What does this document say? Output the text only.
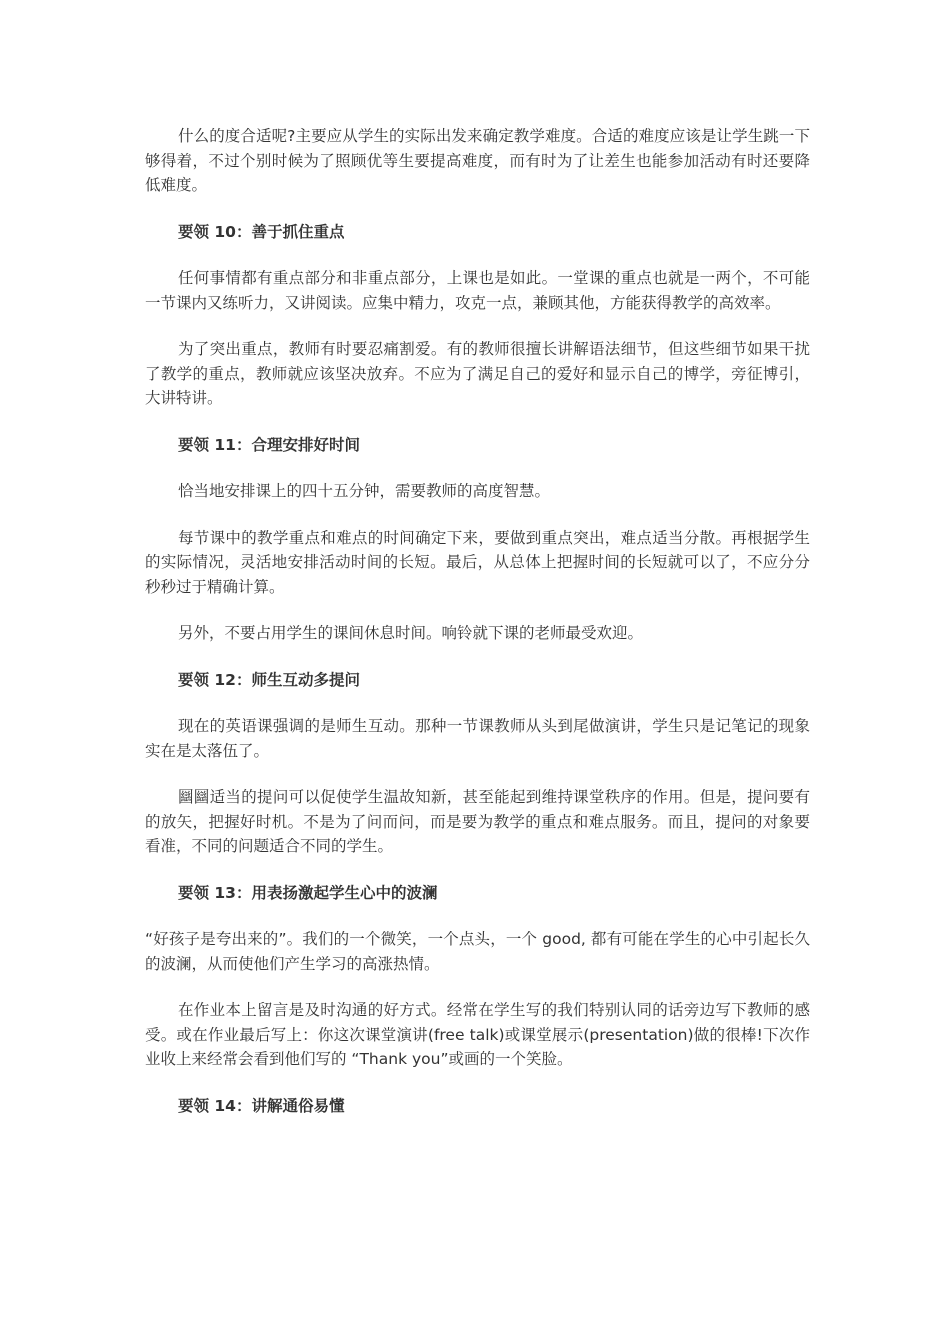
什么的度合适呢?主要应从学生的实际出发来确定教学难度。合适的难度应该是让学生跳一下够得着，不过个别时候为了照顾优等生要提高难度，而有时为了让差生也能参加活动有时还要降低难度。

要领 10：善于抓住重点

任何事情都有重点部分和非重点部分，上课也是如此。一堂课的重点也就是一两个，不可能一节课内又练听力，又讲阅读。应集中精力，攻克一点，兼顾其他，方能获得教学的高效率。

为了突出重点，教师有时要忍痛割爱。有的教师很擅长讲解语法细节，但这些细节如果干扰了教学的重点，教师就应该坚决放弃。不应为了满足自己的爱好和显示自己的博学，旁征博引，大讲特讲。

要领 11：合理安排好时间

恰当地安排课上的四十五分钟，需要教师的高度智慧。

每节课中的教学重点和难点的时间确定下来，要做到重点突出，难点适当分散。再根据学生的实际情况，灵活地安排活动时间的长短。最后，从总体上把握时间的长短就可以了，不应分分秒秒过于精确计算。

另外，不要占用学生的课间休息时间。响铃就下课的老师最受欢迎。

要领 12：师生互动多提问

现在的英语课强调的是师生互动。那种一节课教师从头到尾做演讲，学生只是记笔记的现象实在是太落伍了。

圝圝适当的提问可以促使学生温故知新，甚至能起到维持课堂秩序的作用。但是，提问要有的放矢，把握好时机。不是为了问而问，而是要为教学的重点和难点服务。而且，提问的对象要看准，不同的问题适合不同的学生。

要领 13：用表扬激起学生心中的波澜

“好孩子是夸出来的”。我们的一个微笑，一个点头，一个 good, 都有可能在学生的心中引起长久的波澜，从而使他们产生学习的高涨热情。

在作业本上留言是及时沟通的好方式。经常在学生写的我们特别认同的话旁边写下教师的感受。或在作业最后写上：你这次课堂演讲(free talk)或课堂展示(presentation)做的很棒!下次作业收上来经常会看到他们写的 “Thank you”或画的一个笑脸。

要领 14：讲解通俗易懂
